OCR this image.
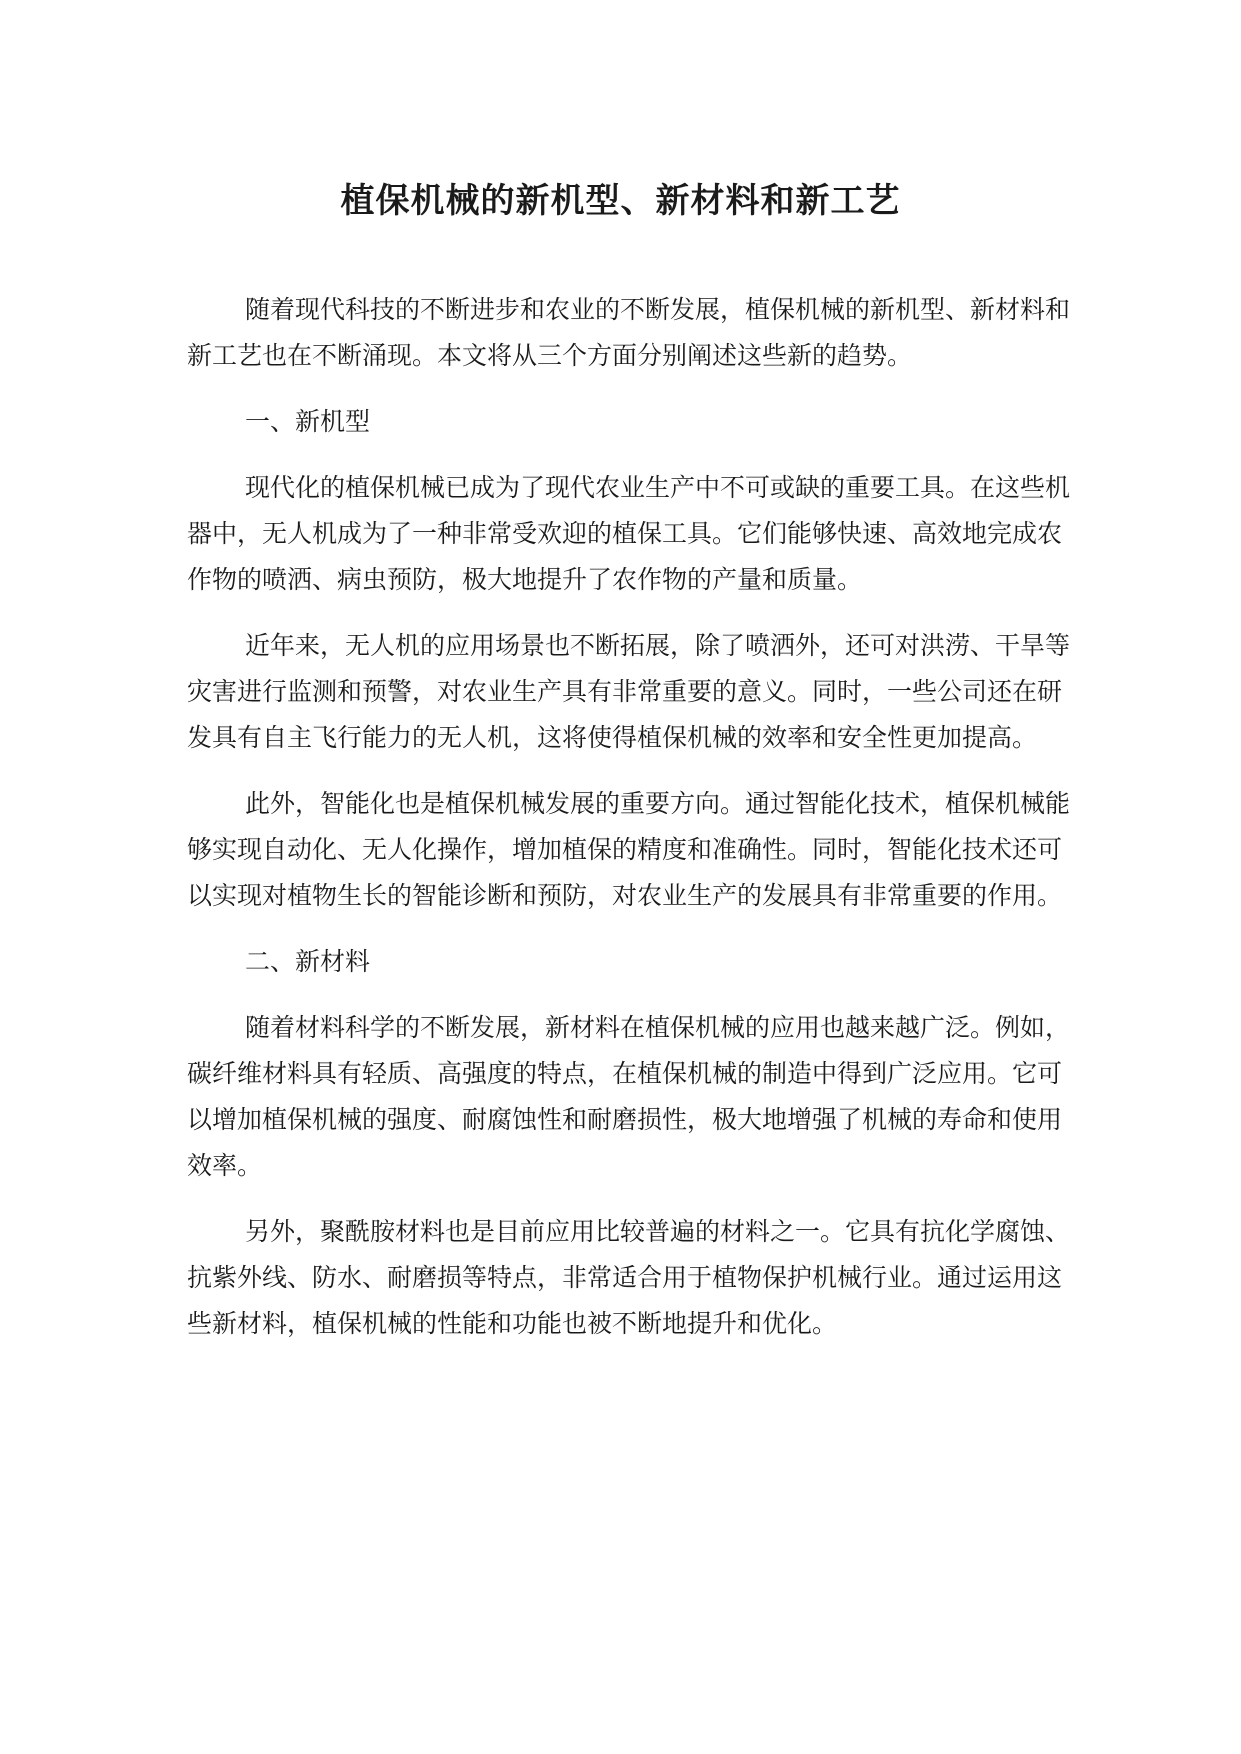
植保机械的新机型、新材料和新工艺

随着现代科技的不断进步和农业的不断发展，植保机械的新机型、新材料和新工艺也在不断涌现。本文将从三个方面分别阐述这些新的趋势。

一、新机型

现代化的植保机械已成为了现代农业生产中不可或缺的重要工具。在这些机器中，无人机成为了一种非常受欢迎的植保工具。它们能够快速、高效地完成农作物的喷洒、病虫预防，极大地提升了农作物的产量和质量。

近年来，无人机的应用场景也不断拓展，除了喷洒外，还可对洪涝、干旱等灾害进行监测和预警，对农业生产具有非常重要的意义。同时，一些公司还在研发具有自主飞行能力的无人机，这将使得植保机械的效率和安全性更加提高。

此外，智能化也是植保机械发展的重要方向。通过智能化技术，植保机械能够实现自动化、无人化操作，增加植保的精度和准确性。同时，智能化技术还可以实现对植物生长的智能诊断和预防，对农业生产的发展具有非常重要的作用。

二、新材料

随着材料科学的不断发展，新材料在植保机械的应用也越来越广泛。例如，碳纤维材料具有轻质、高强度的特点，在植保机械的制造中得到广泛应用。它可以增加植保机械的强度、耐腐蚀性和耐磨损性，极大地增强了机械的寿命和使用效率。

另外，聚酰胺材料也是目前应用比较普遍的材料之一。它具有抗化学腐蚀、抗紫外线、防水、耐磨损等特点，非常适合用于植物保护机械行业。通过运用这些新材料，植保机械的性能和功能也被不断地提升和优化。
